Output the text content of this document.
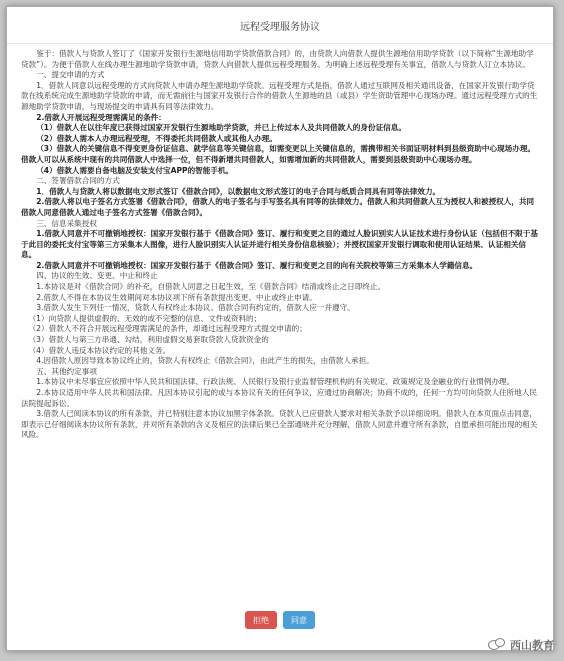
远程受理服务协议

鉴于：借款人与贷款人签订了《国家开发银行生源地信用助学贷款借款合同》的，由贷款人向借款人提供生源地信用助学贷款（以下简称“生源地助学贷款”）。为便于借款人在线办理生源地助学贷款申请，贷款人向借款人提供远程受理服务。为明确上述远程受理有关事宜，借款人与贷款人订立本协议。

一、提交申请的方式

1．借款人同意以远程受理的方式向贷款人申请办理生源地助学贷款。远程受理方式是指，借款人通过互联网及相关通讯设备，在国家开发银行助学贷款在线系统完成生源地助学贷款的申请，而无需前往与国家开发银行合作的借款人生源地的县（或县）学生资助管理中心现场办理。通过远程受理方式的生源地助学贷款申请，与现场提交的申请具有同等法律效力。

2.借款人开展远程受理需满足的条件：

（1）借款人在以往年度已获得过国家开发银行生源地助学贷款，并已上传过本人及共同借款人的身份证信息。

（2）借款人需本人办理远程受理，不得委托共同借款人或其他人办理。

（3）借款人的关键信息不得变更身份证信息、就学信息等关键信息，如需变更以上关键信息的，需携带相关书面证明材料到县级资助中心现场办理。借款人可以从系统中现有的共同借款人中选择一位，但不得新增共同借款人，如需增加新的共同借款人，需要到县级资助中心现场办理。

（4）借款人需要自备电脑及安装支付宝APP的智能手机。

二、签署借款合同的方式

1．借款人与贷款人将以数据电文形式签订《借款合同》，以数据电文形式签订的电子合同与纸质合同具有同等法律效力。

2.借款人将以电子签名方式签署《借款合同》，借款人的电子签名与手写签名具有同等的法律效力。借款人和共同借款人互为授权人和被授权人，共同借款人同意借款人通过电子签名方式签署《借款合同》。

三、信息采集授权

1.借款人同意并不可撤销地授权：国家开发银行基于《借款合同》签订、履行和变更之目的通过人脸识别实人认证技术进行身份认证（包括但不限于基于此目的委托支付宝等第三方采集本人图像，进行人脸识别实人认证并进行相关身份信息核验）；并授权国家开发银行调取和使用认证结果、认证相关信息。

2.借款人同意并不可撤销地授权：国家开发银行基于《借款合同》签订、履行和变更之目的向有关院校等第三方采集本人学籍信息。

四、协议的生效、变更、中止和终止

1.本协议是对《借款合同》的补充，自借款人同意之日起生效，至《借款合同》结清或终止之日即终止。

2.借款人不得在本协议生效期间对本协议项下所有条款提出变更、中止或终止申请。

3.借款人发生下列任一情况，贷款人有权终止本协议。借款合同有约定的，借款人应一并遵守。

（1）向贷款人提供虚假的、无效的或不完整的信息、文件或资料的；

（2）借款人不符合开展远程受理需满足的条件，却通过远程受理方式提交申请的；

（3）借款人与第三方串通、勾结，利用虚假交易套取贷款人贷款资金的

（4）借款人违反本协议约定的其他义务。

4.因借款人原因导致本协议终止的，贷款人有权终止《借款合同》，由此产生的损失，由借款人承担。

五、其他约定事项

1.本协议中未尽事宜应依照中华人民共和国法律、行政法规、人民银行及银行业监督管理机构的有关规定、政策规定及金融业的行业惯例办理。

2.本协议适用中华人民共和国法律。凡因本协议引起的或与本协议有关的任何争议，应通过协商解决；协商不成的，任何一方均可向贷款人住所地人民法院提起诉讼。

3.借款人已阅读本协议的所有条款，并已特别注意本协议加黑字体条款。贷款人已应借款人要求对相关条款予以详细说明。借款人在本页面点击同意，即表示已仔细阅读本协议所有条款，并对所有条款的含义及相应的法律后果已全部通晓并充分理解，借款人同意并遵守所有条款，自愿承担可能出现的相关风险。

拒绝	同意
西山教育
